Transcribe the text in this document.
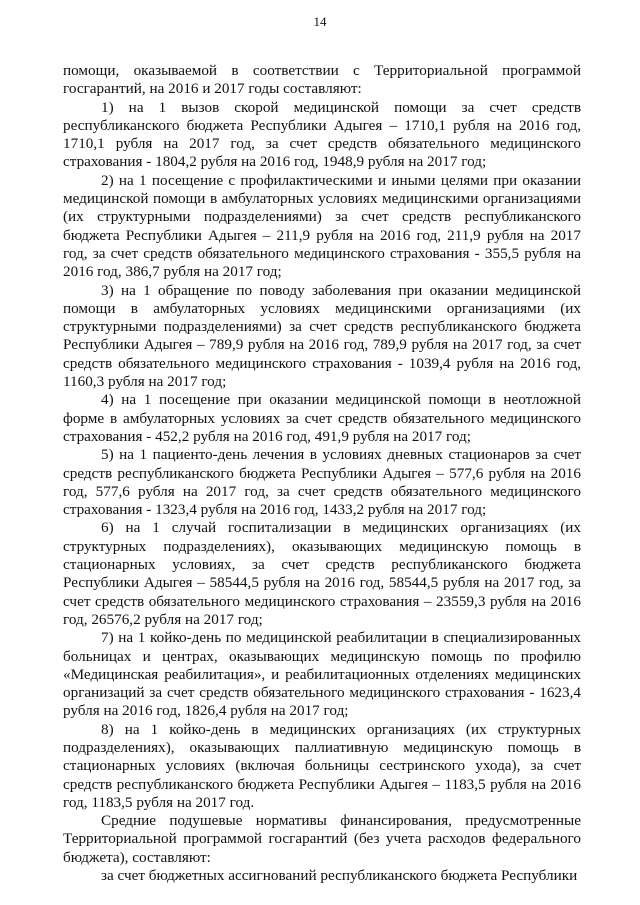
14

помощи, оказываемой в соответствии с Территориальной программой госгарантий, на 2016 и 2017 годы составляют:

1) на 1 вызов скорой медицинской помощи за счет средств республиканского бюджета Республики Адыгея – 1710,1 рубля на 2016 год, 1710,1 рубля на 2017 год, за счет средств обязательного медицинского страхования - 1804,2 рубля на 2016 год, 1948,9 рубля на 2017 год;

2) на 1 посещение с профилактическими и иными целями при оказании медицинской помощи в амбулаторных условиях медицинскими организациями (их структурными подразделениями) за счет средств республиканского бюджета Республики Адыгея – 211,9 рубля на 2016 год, 211,9 рубля на 2017 год, за счет средств обязательного медицинского страхования - 355,5 рубля на 2016 год, 386,7 рубля на 2017 год;

3) на 1 обращение по поводу заболевания при оказании медицинской помощи в амбулаторных условиях медицинскими организациями (их структурными подразделениями) за счет средств республиканского бюджета Республики Адыгея – 789,9 рубля на 2016 год, 789,9 рубля на 2017 год, за счет средств обязательного медицинского страхования - 1039,4 рубля на 2016 год, 1160,3 рубля на 2017 год;

4) на 1 посещение при оказании медицинской помощи в неотложной форме в амбулаторных условиях за счет средств обязательного медицинского страхования - 452,2 рубля на 2016 год, 491,9 рубля на 2017 год;

5) на 1 пациенто-день лечения в условиях дневных стационаров за счет средств республиканского бюджета Республики Адыгея – 577,6 рубля на 2016 год, 577,6 рубля на 2017 год, за счет средств обязательного медицинского страхования - 1323,4 рубля на 2016 год, 1433,2 рубля на 2017 год;

6) на 1 случай госпитализации в медицинских организациях (их структурных подразделениях), оказывающих медицинскую помощь в стационарных условиях, за счет средств республиканского бюджета Республики Адыгея – 58544,5 рубля на 2016 год, 58544,5 рубля на 2017 год, за счет средств обязательного медицинского страхования – 23559,3 рубля на 2016 год, 26576,2 рубля на 2017 год;

7) на 1 койко-день по медицинской реабилитации в специализированных больницах и центрах, оказывающих медицинскую помощь по профилю «Медицинская реабилитация», и реабилитационных отделениях медицинских организаций за счет средств обязательного медицинского страхования - 1623,4 рубля на 2016 год, 1826,4 рубля на 2017 год;

8) на 1 койко-день в медицинских организациях (их структурных подразделениях), оказывающих паллиативную медицинскую помощь в стационарных условиях (включая больницы сестринского ухода), за счет средств республиканского бюджета Республики Адыгея – 1183,5 рубля на 2016 год, 1183,5 рубля на 2017 год.

Средние подушевые нормативы финансирования, предусмотренные Территориальной программой госгарантий (без учета расходов федерального бюджета), составляют:

за счет бюджетных ассигнований республиканского бюджета Республики
